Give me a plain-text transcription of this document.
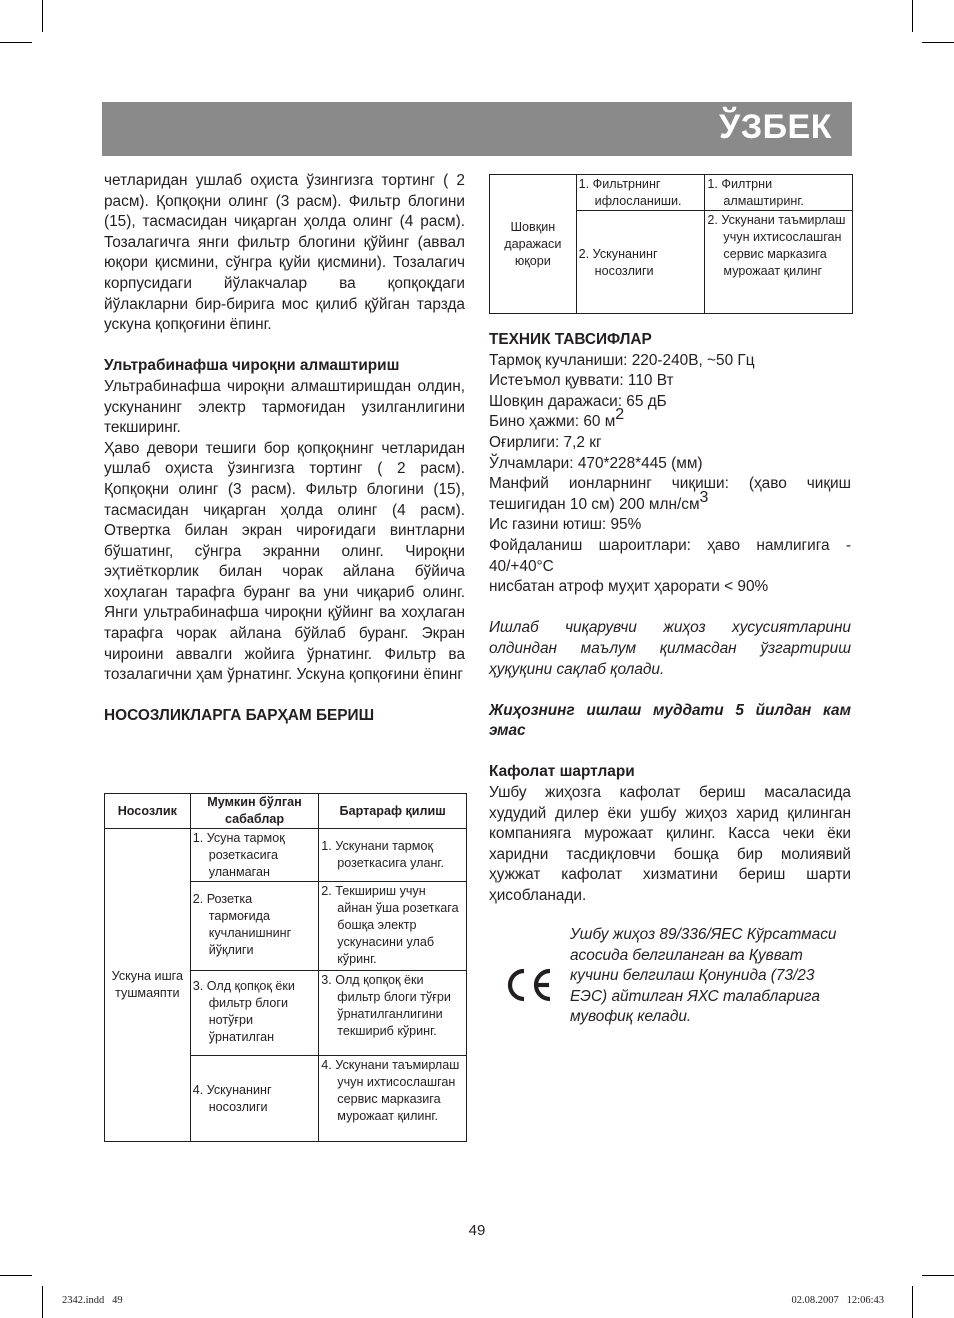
ЎЗБЕК

четларидан ушлаб оҳиста ўзингизга тортинг ( 2 расм). Қопқоқни олинг (3 расм). Фильтр блогини (15), тасмасидан чиқарган ҳолда олинг (4 расм). Тозалагичга янги фильтр блогини қўйинг (аввал юқори қисмини, сўнгра қуйи қисмини). Тозалагич корпусидаги йўлакчалар ва қопқоқдаги йўлакларни бир-бирига мос қилиб қўйган тарзда ускуна қопқоғини ёпинг.

Ультрабинафша чироқни алмаштириш

Ультрабинафша чироқни алмаштиришдан олдин, ускунанинг электр тармоғидан узилганлигини текширинг.

Ҳаво девори тешиги бор қопқоқнинг четларидан ушлаб оҳиста ўзингизга тортинг ( 2 расм). Қопқоқни олинг (3 расм). Фильтр блогини (15), тасмасидан чиқарган ҳолда олинг (4 расм). Отвертка билан экран чироғидаги винтларни бўшатинг, сўнгра экранни олинг. Чироқни эҳтиёткорлик билан чорак айлана бўйича хоҳлаган тарафга буранг ва уни чиқариб олинг. Янги ультрабинафша чироқни қўйинг ва хоҳлаган тарафга чорак айлана бўйлаб буранг. Экран чироини аввалги жойига ўрнатинг. Фильтр ва тозалагични ҳам ўрнатинг. Ускуна қопқоғини ёпинг

НОСОЗЛИКЛАРГА БАРҲАМ БЕРИШ

Носозлик	Мумкин бўлган сабаблар	Бартараф қилиш
Ускуна ишга тушмаяпти	1. Усуна тармоқ розеткасига уланмаган	1. Ускунани тармоқ розеткасига уланг.

	2. Розетка тармоғида кучланишнинг йўқлиги	2. Текшириш учун айнан ўша розеткага бошқа электр ускунасини улаб кўринг.

	3. Олд қопқоқ ёки фильтр блоги нотўғри ўрнатилган	3. Олд қопқоқ ёки фильтр блоги тўғри ўрнатилганлигини текшириб кўринг.

	4. Ускунанинг носозлиги	4. Ускунани таъмирлаш учун ихтисослашган сервис марказига мурожаат қилинг.
Шовқин даражаси юқори	1. Фильтрнинг ифлосланиши.	1. Филтрни алмаштиринг.

	2. Ускунанинг носозлиги	2. Ускунани таъмирлаш учун ихтисослашган сервис марказига мурожаат қилинг

ТЕХНИК ТАВСИФЛАР

Тармоқ кучланиши: 220-240В, ~50 Гц

Истеъмол қуввати: 110 Вт

Шовқин даражаси: 65 дБ

Бино ҳажми: 60 $м^2$

Оғирлиги: 7,2 кг

Ўлчамлари: 470*228*445 (мм)

Манфий ионларнинг чиқиши: (ҳаво чиқиш тешигидан 10 см) 200 млн/$см^3$

Ис газини ютиш: 95%

Фойдаланиш шароитлари: ҳаво намлигига - 40/+40°C

нисбатан атроф муҳит ҳарорати < 90%

Ишлаб чиқарувчи жиҳоз хусусиятларини олдиндан маълум қилмасдан ўзгартириш ҳуқуқини сақлаб қолади.

Жиҳознинг ишлаш муддати 5 йилдан кам эмас

Кафолат шартлари

Ушбу жиҳозга кафолат бериш масаласида худудий дилер ёки ушбу жиҳоз харид қилинган компанияга мурожаат қилинг. Касса чеки ёки харидни тасдиқловчи бошқа бир молиявий ҳужжат кафолат хизматини бериш шарти ҳисобланади.

Ушбу жиҳоз 89/336/ЯЕС Кўрсатмаси асосида белгиланган ва Қувват кучини белгилаш Қонунида (73/23 ЕЭС) айтилган ЯХС талабларига мувофиқ келади.

49
2342.indd   49	02.08.2007   12:06:43
